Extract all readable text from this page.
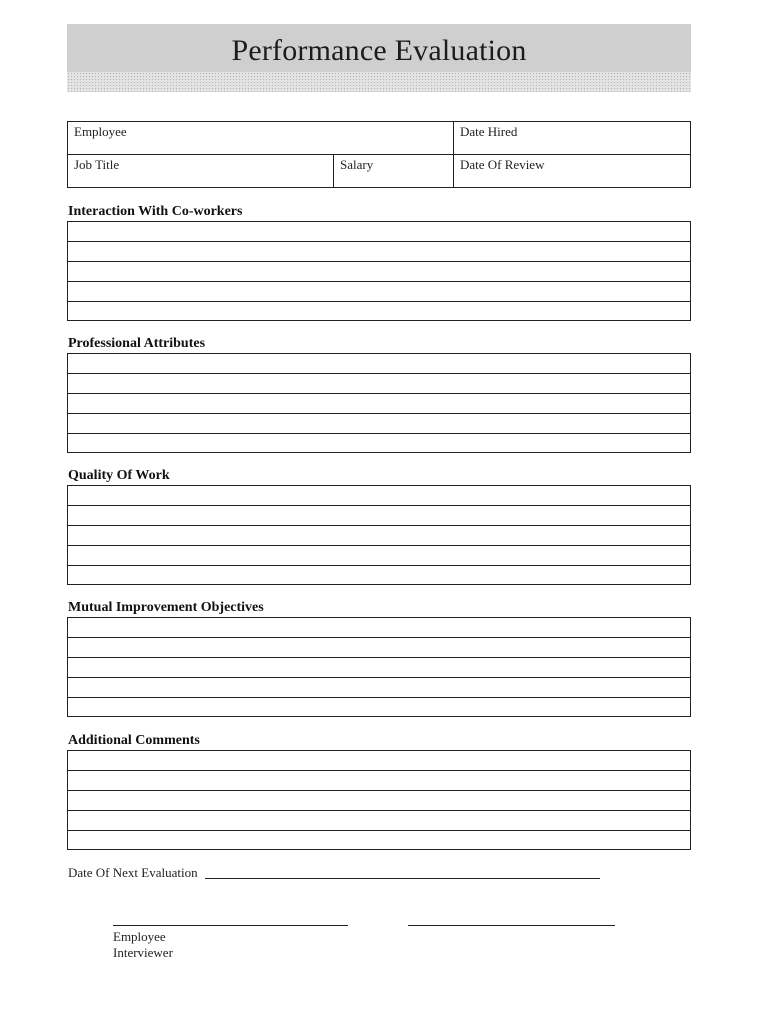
Performance Evaluation
Employee	Date Hired
Job Title	Salary	Date Of Review
Interaction With Co-workers
Professional Attributes
Quality Of Work
Mutual Improvement Objectives
Additional Comments
Date Of Next Evaluation
Employee
Interviewer
